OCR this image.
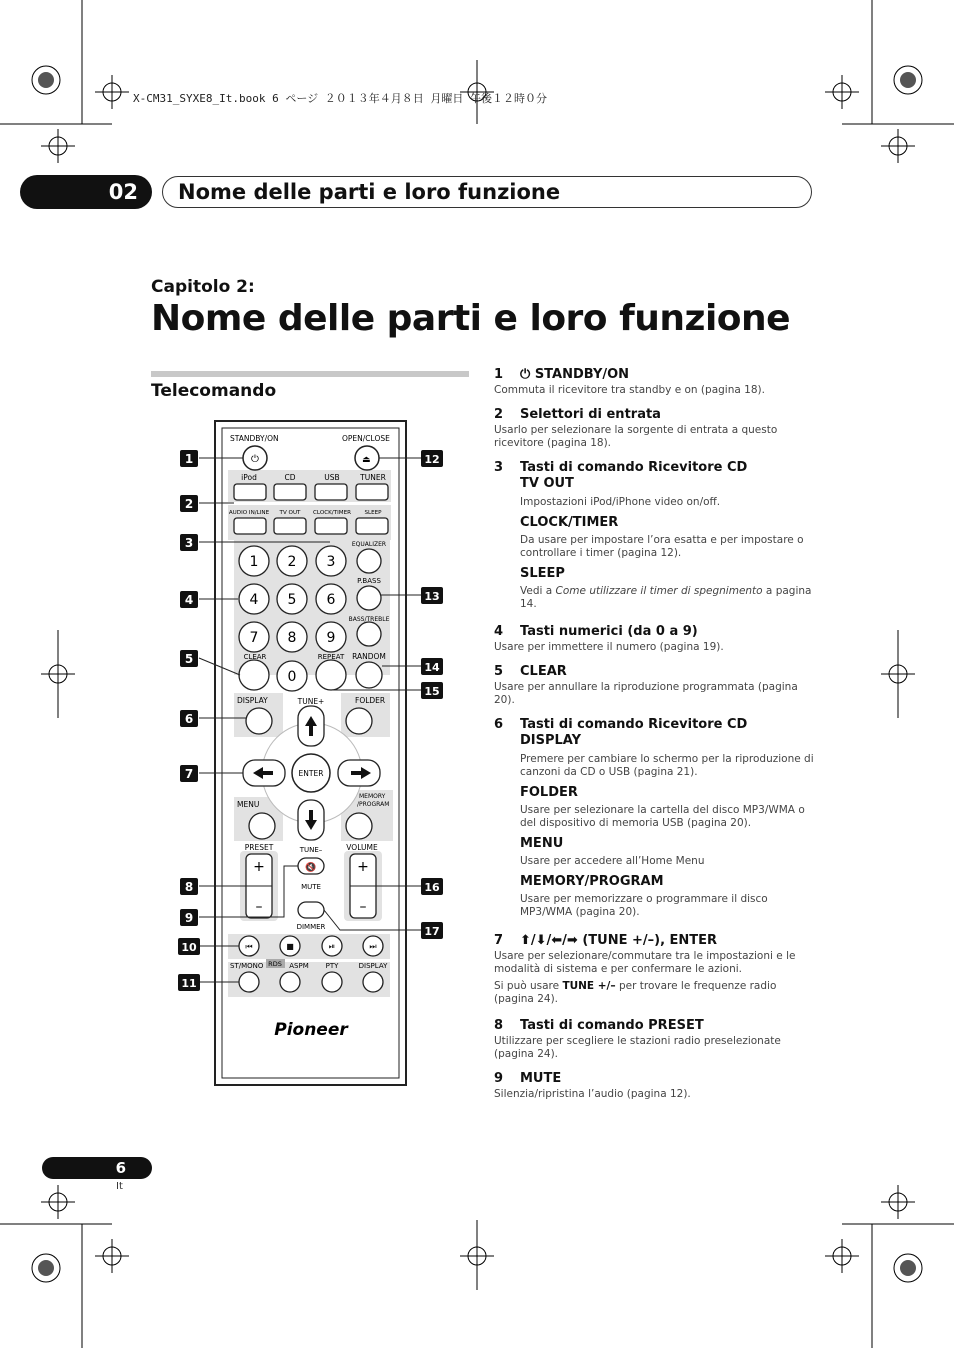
X-CM31_SYXE8_It.book 6 ページ ２０１３年４月８日 月曜日 午後１２時０分
02	Nome delle parti e loro funzione
Capitolo 2:
Nome delle parti e loro funzione
Telecomando
STANDBY/ON	OPEN/CLOSE
⏻	⏏
iPod	CD	USB	TUNER
AUDIO IN/LINE TV OUT CLOCK/TIMER SLEEP
1 2 3
4 5 6
7 8 9
0
EQUALIZER
P.BASS
BASS/TREBLE
CLEAR	REPEAT RANDOM
DISPLAY	TUNE+	FOLDER
ENTER
MENU
MEMORY
/PROGRAM
PRESET	TUNE–	VOLUME
+
–
+
–
🔇
MUTE
DIMMER
⏮	■	⏯	⏭
ST/MONO RDS ASPM PTY	DISPLAY
Pioneer
1
2
3
4
5
6
7
8
9
10
11
12
13
14
15
16
17
1 ⏻ STANDBY/ON
Commuta il ricevitore tra standby e on (pagina 18).
2 Selettori di entrata
Usarlo per selezionare la sorgente di entrata a questo ricevitore (pagina 18).
3 Tasti di comando Ricevitore CD
TV OUT
Impostazioni iPod/iPhone video on/off.
CLOCK/TIMER
Da usare per impostare l’ora esatta e per impostare o controllare i timer (pagina 12).
SLEEP
Vedi a Come utilizzare il timer di spegnimento a pagina 14.
4 Tasti numerici (da 0 a 9)
Usare per immettere il numero (pagina 19).
5 CLEAR
Usare per annullare la riproduzione programmata (pagina 20).
6 Tasti di comando Ricevitore CD
DISPLAY
Premere per cambiare lo schermo per la riproduzione di canzoni da CD o USB (pagina 21).
FOLDER
Usare per selezionare la cartella del disco MP3/WMA o del dispositivo di memoria USB (pagina 20).
MENU
Usare per accedere all’Home Menu
MEMORY/PROGRAM
Usare per memorizzare o programmare il disco MP3/WMA (pagina 20).
7 ⬆/⬇/⬅/➡ (TUNE +/–), ENTER
Usare per selezionare/commutare tra le impostazioni e le modalità di sistema e per confermare le azioni.
Si può usare TUNE +/– per trovare le frequenze radio (pagina 24).
8 Tasti di comando PRESET
Utilizzare per scegliere le stazioni radio preselezionate (pagina 24).
9 MUTE
Silenzia/ripristina l’audio (pagina 12).
6
It
